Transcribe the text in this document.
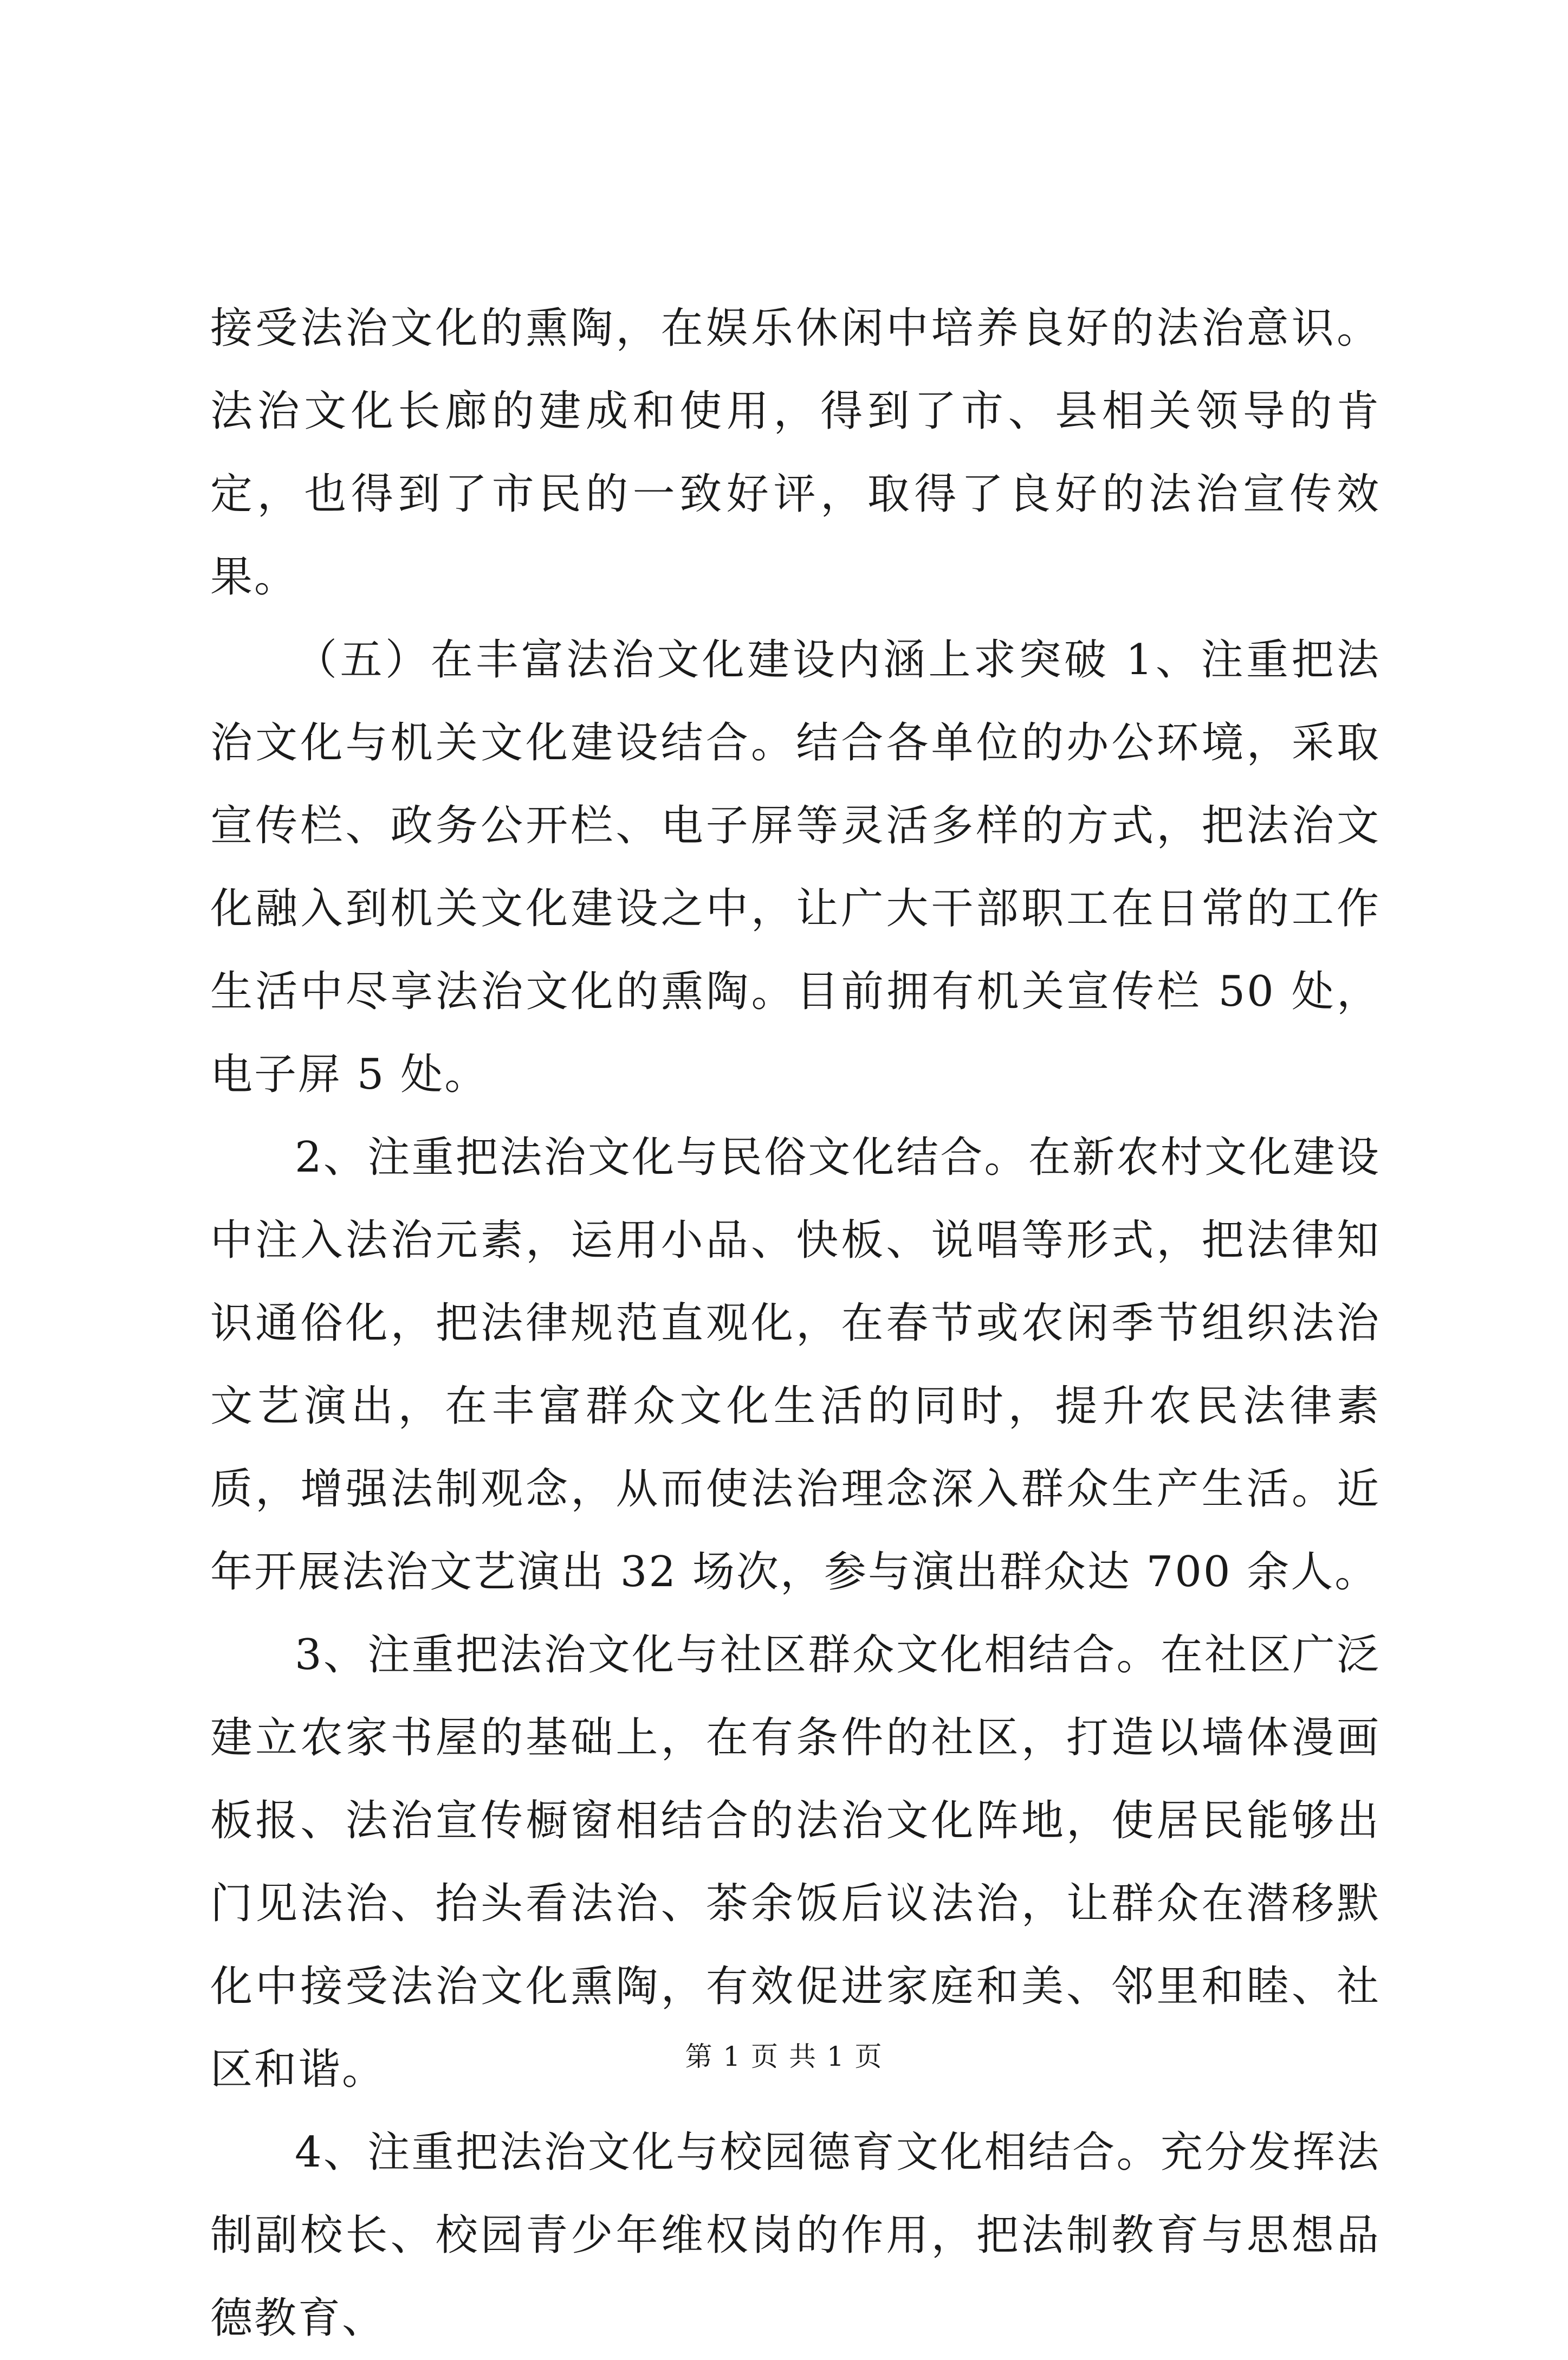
接受法治文化的熏陶，在娱乐休闲中培养良好的法治意识。法治文化长廊的建成和使用，得到了市、县相关领导的肯定，也得到了市民的一致好评，取得了良好的法治宣传效果。

（五）在丰富法治文化建设内涵上求突破 1、注重把法治文化与机关文化建设结合。结合各单位的办公环境，采取宣传栏、政务公开栏、电子屏等灵活多样的方式，把法治文化融入到机关文化建设之中，让广大干部职工在日常的工作生活中尽享法治文化的熏陶。目前拥有机关宣传栏 50 处，电子屏 5 处。

2、注重把法治文化与民俗文化结合。在新农村文化建设中注入法治元素，运用小品、快板、说唱等形式，把法律知识通俗化，把法律规范直观化，在春节或农闲季节组织法治文艺演出，在丰富群众文化生活的同时，提升农民法律素质，增强法制观念，从而使法治理念深入群众生产生活。近年开展法治文艺演出 32 场次，参与演出群众达 700 余人。

3、注重把法治文化与社区群众文化相结合。在社区广泛建立农家书屋的基础上，在有条件的社区，打造以墙体漫画板报、法治宣传橱窗相结合的法治文化阵地，使居民能够出门见法治、抬头看法治、茶余饭后议法治，让群众在潜移默化中接受法治文化熏陶，有效促进家庭和美、邻里和睦、社区和谐。

4、注重把法治文化与校园德育文化相结合。充分发挥法制副校长、校园青少年维权岗的作用，把法制教育与思想品德教育、

第 1 页 共 1 页
